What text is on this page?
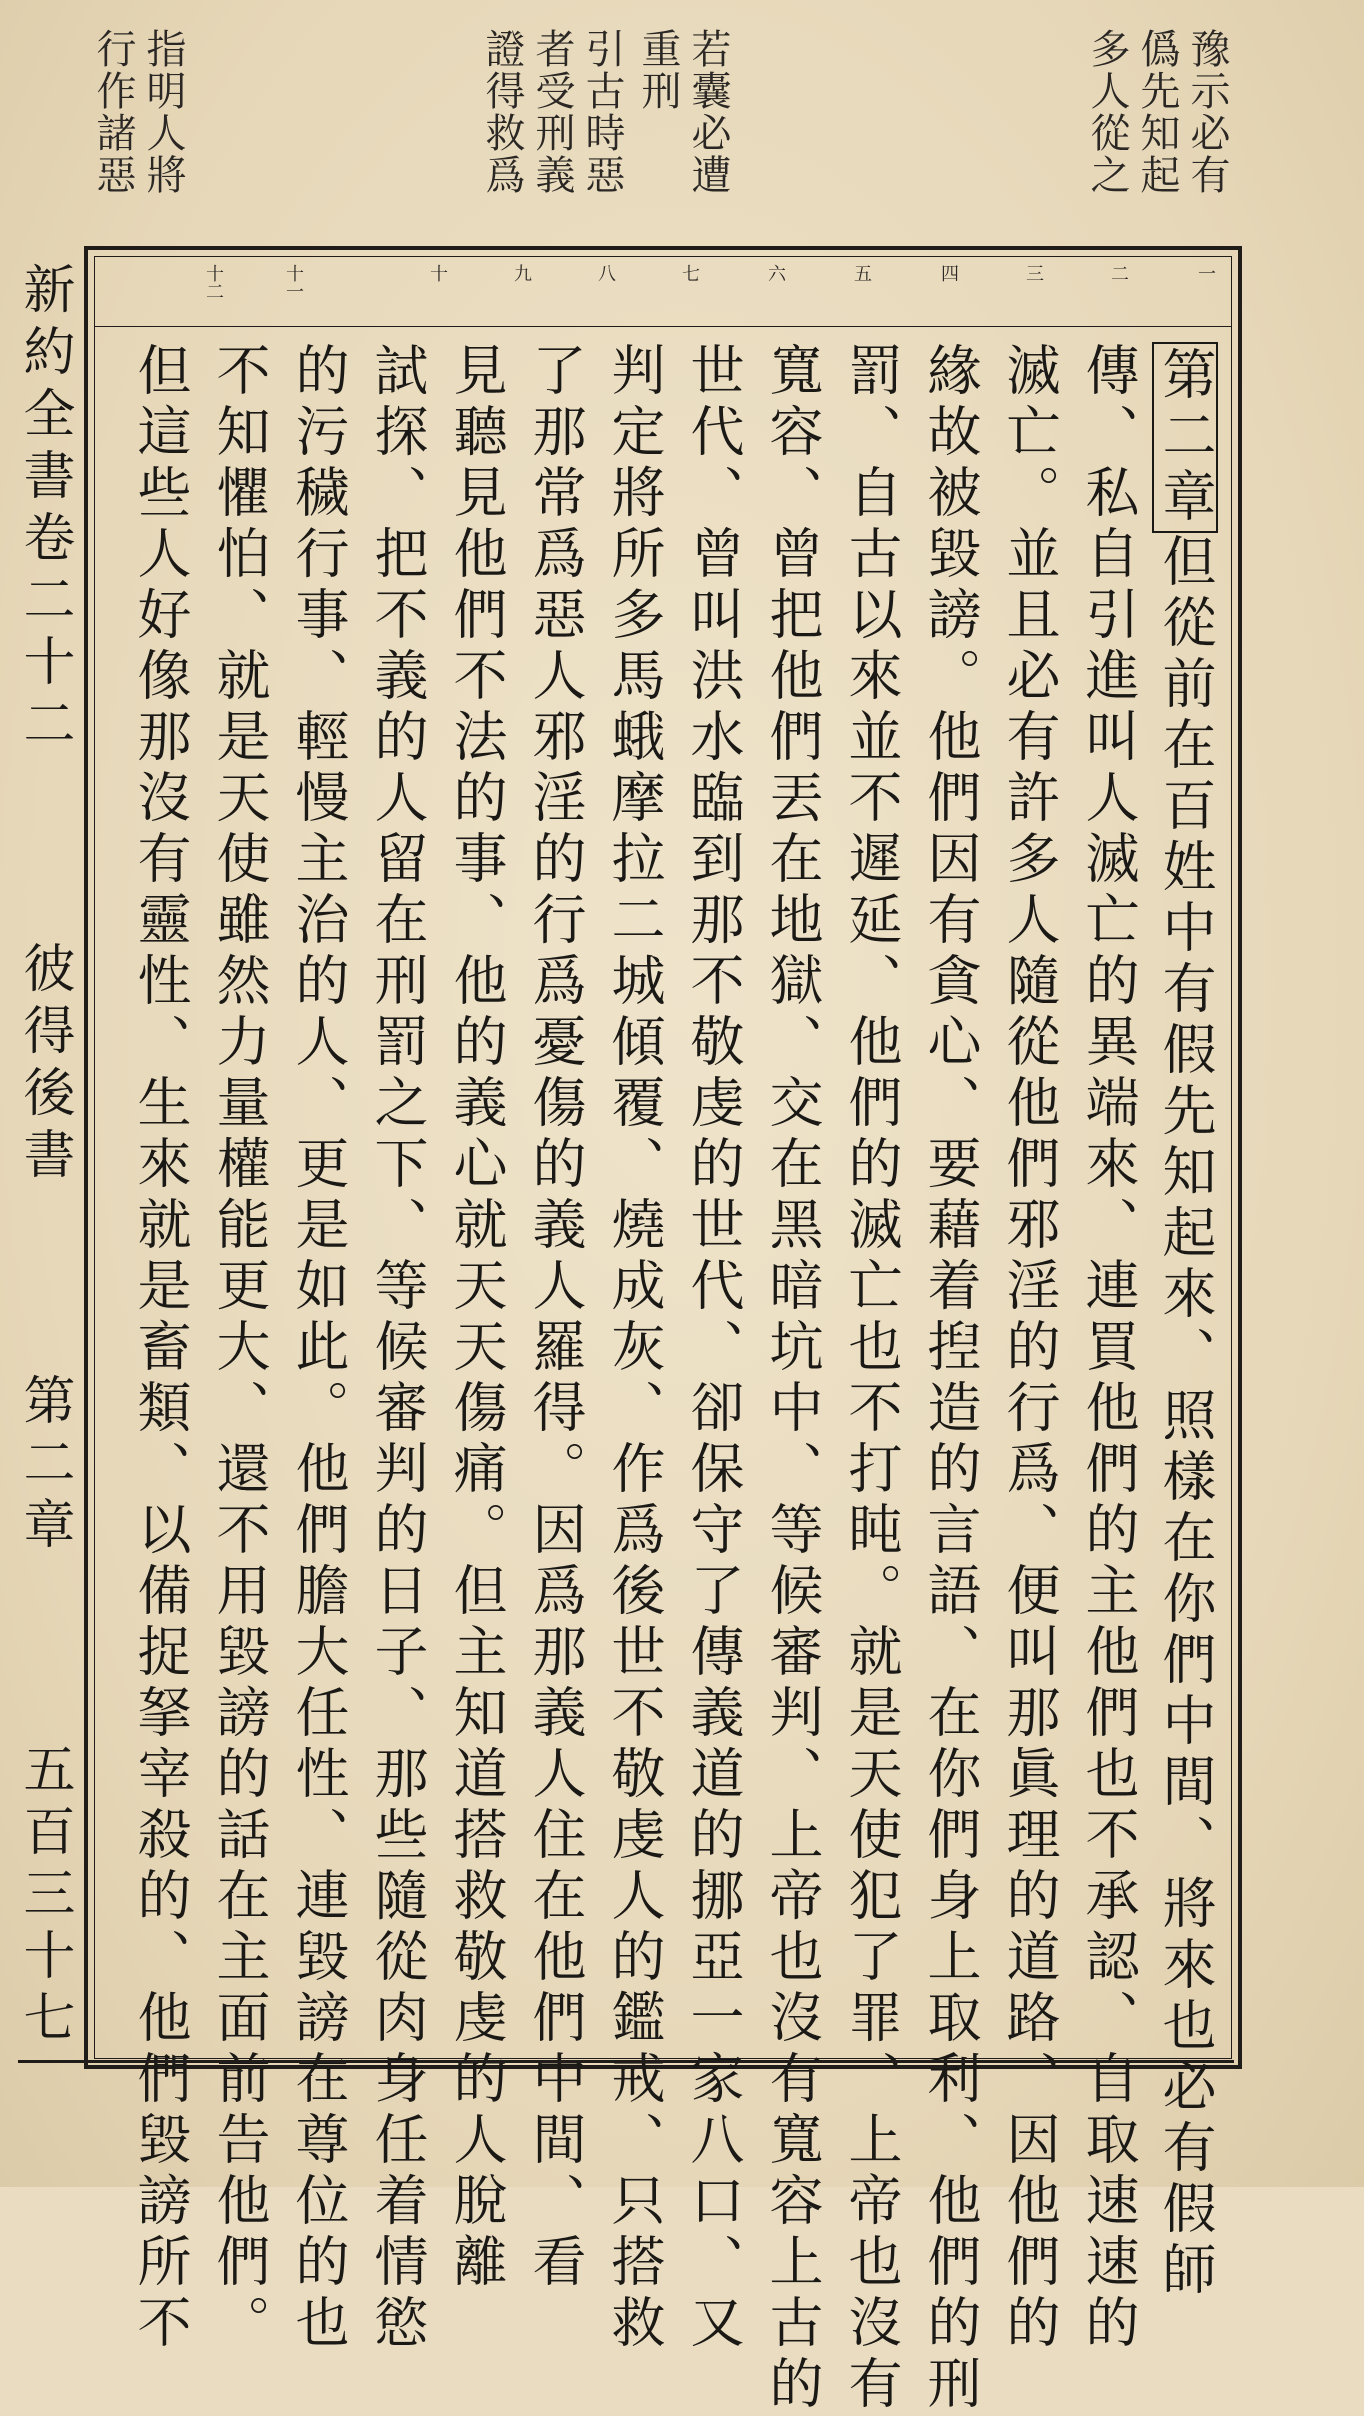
豫示必有
僞先知起
多人從之
若囊必遭
重刑
引古時惡
者受刑義
證得救爲
指明人將
行作諸惡
一
二
三
四
五
六
七
八
九
十
十一
十二
第二章但從前在百姓中有假先知起來、照樣在你們中間、將來也必有假師
傳、私自引進叫人滅亡的異端來、連買他們的主他們也不承認、自取速速的
滅亡。並且必有許多人隨從他們邪淫的行爲、便叫那眞理的道路、因他們的
緣故被毀謗。他們因有貪心、要藉着揑造的言語、在你們身上取利、他們的刑
罰、自古以來並不遲延、他們的滅亡也不打盹。就是天使犯了罪、上帝也沒有
寬容、曾把他們丟在地獄、交在黑暗坑中、等候審判、上帝也沒有寬容上古的
世代、曾叫洪水臨到那不敬虔的世代、卻保守了傳義道的挪亞一家八口、又
判定將所多馬蛾摩拉二城傾覆、燒成灰、作爲後世不敬虔人的鑑戒、只搭救
了那常爲惡人邪淫的行爲憂傷的義人羅得。因爲那義人住在他們中間、看
見聽見他們不法的事、他的義心就天天傷痛。但主知道搭救敬虔的人脫離
試探、把不義的人留在刑罰之下、等候審判的日子、那些隨從肉身任着情慾
的污穢行事、輕慢主治的人、更是如此。他們膽大任性、連毀謗在尊位的也
不知懼怕、就是天使雖然力量權能更大、還不用毀謗的話在主面前告他們。
但這些人好像那沒有靈性、生來就是畜類、以備捉拏宰殺的、他們毀謗所不
新約全書卷二十二
彼得後書
第二章
五百三十七
